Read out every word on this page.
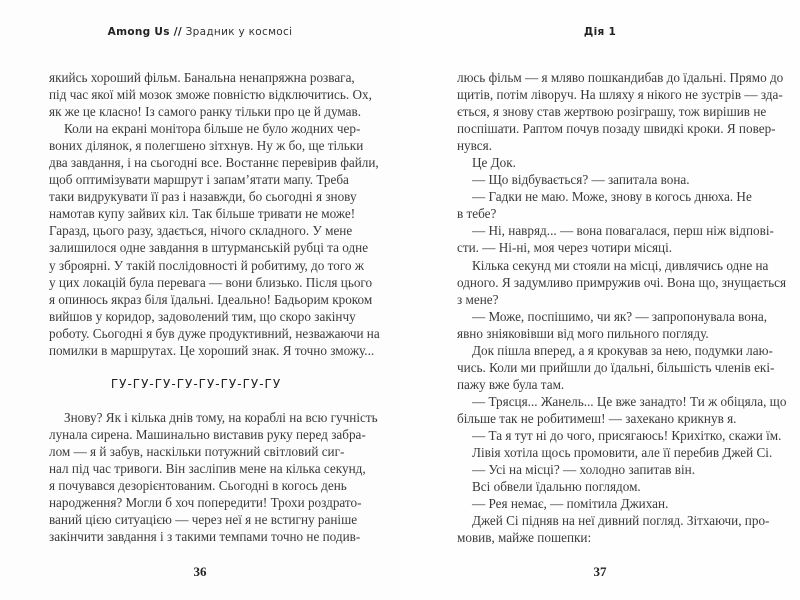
Among Us // Зрадник у космосі
якийсь хороший фільм. Банальна ненапряжна розвага,
під час якої мій мозок зможе повністю відключитись. Ох,
як же це класно! Із самого ранку тільки про це й думав.
Коли на екрані монітора більше не було жодних чер-
воних ділянок, я полегшено зітхнув. Ну ж бо, ще тільки
два завдання, і на сьогодні все. Востаннє перевірив файли,
щоб оптимізувати маршрут і запам’ятати мапу. Треба
таки видрукувати її раз і назавжди, бо сьогодні я знову
намотав купу зайвих кіл. Так більше тривати не може!
Гаразд, цього разу, здається, нічого складного. У мене
залишилося одне завдання в штурманській рубці та одне
у зброярні. У такій послідовності й робитиму, до того ж
у цих локацій була перевага — вони близько. Після цього
я опинюсь якраз біля їдальні. Ідеально! Бадьорим кроком
вийшов у коридор, задоволений тим, що скоро закінчу
роботу. Сьогодні я був дуже продуктивний, незважаючи на
помилки в маршрутах. Це хороший знак. Я точно зможу...
ГУ-ГУ-ГУ-ГУ-ГУ-ГУ-ГУ-ГУ
Знову? Як і кілька днів тому, на кораблі на всю гучність
лунала сирена. Машинально виставив руку перед забра-
лом — я й забув, наскільки потужний світловий сиг-
нал під час тривоги. Він засліпив мене на кілька секунд,
я почувався дезорієнтованим. Сьогодні в когось день
народження? Могли б хоч попередити! Трохи роздрато-
ваний цією ситуацією — через неї я не встигну раніше
закінчити завдання і з такими темпами точно не подив-
36
Дія 1
люсь фільм — я мляво пошкандибав до їдальні. Прямо до
щитів, потім ліворуч. На шляху я нікого не зустрів — зда-
ється, я знову став жертвою розіграшу, тож вирішив не
поспішати. Раптом почув позаду швидкі кроки. Я повер-
нувся.
Це Док.
— Що відбувається? — запитала вона.
— Гадки не маю. Може, знову в когось днюха. Не
в тебе?
— Ні, навряд... — вона повагалася, перш ніж відпові-
сти. — Ні-ні, моя через чотири місяці.
Кілька секунд ми стояли на місці, дивлячись одне на
одного. Я задумливо примружив очі. Вона що, знущається
з мене?
— Може, поспішимо, чи як? — запропонувала вона,
явно зніяковівши від мого пильного погляду.
Док пішла вперед, а я крокував за нею, подумки лаю-
чись. Коли ми прийшли до їдальні, більшість членів екі-
пажу вже була там.
— Трясця... Жанель... Це вже занадто! Ти ж обіцяла, що
більше так не робитимеш! — захекано крикнув я.
— Та я тут ні до чого, присягаюсь! Крихітко, скажи їм.
Лівія хотіла щось промовити, але її перебив Джей Сі.
— Усі на місці? — холодно запитав він.
Всі обвели їдальню поглядом.
— Рея немає, — помітила Джихан.
Джей Сі підняв на неї дивний погляд. Зітхаючи, про-
мовив, майже пошепки:
37
